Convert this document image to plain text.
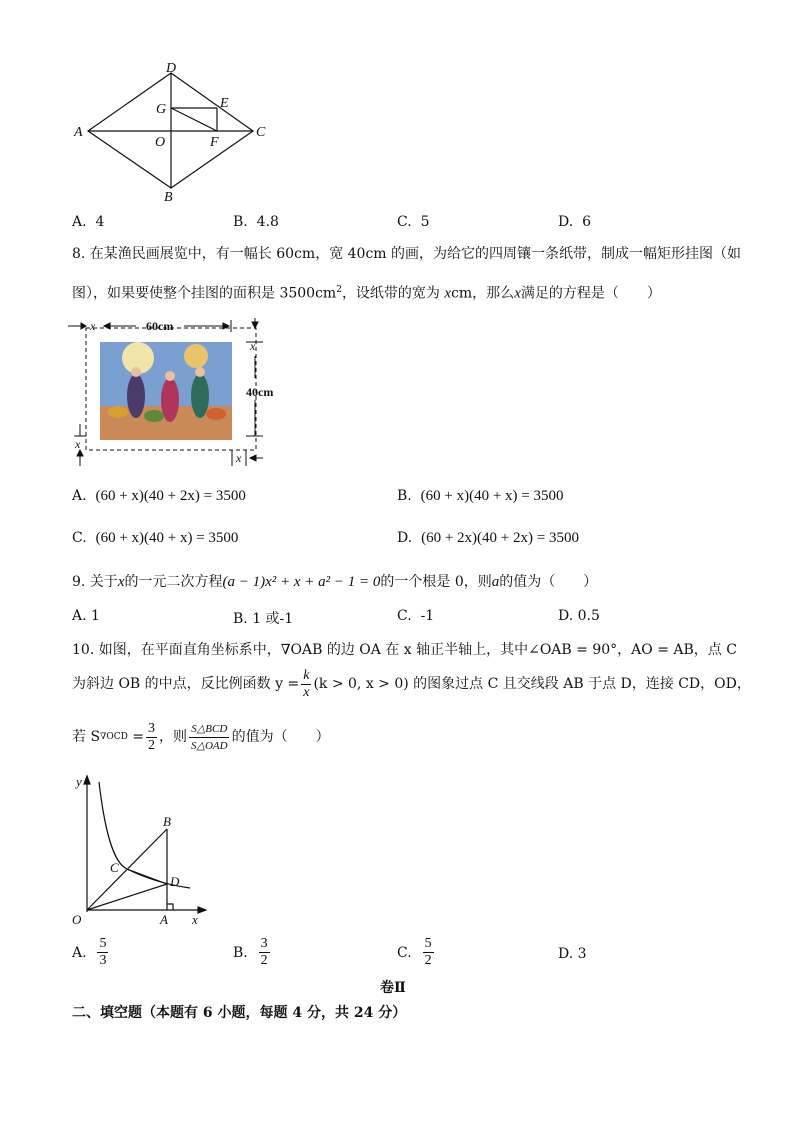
D
G	E
A
O	F
C
B
A. 4	B. 4.8	C. 5	D. 6
8. 在某渔民画展览中，有一幅长 60cm，宽 40cm 的画，为给它的四周镶一条纸带，制成一幅矩形挂图（如
图），如果要使整个挂图的面积是 $3500cm^2$，设纸带的宽为 xcm，那么x满足的方程是（　　）
x	60cm
x
40cm
x
x
A. (60 + x)(40 + 2x) = 3500	B. (60 + x)(40 + x) = 3500
C. (60 + x)(40 + x) = 3500	D. (60 + 2x)(40 + 2x) = 3500
9. 关于x的一元二次方程(a − 1)x² + x + a² − 1 = 0的一个根是 0，则a的值为（　　）
A. 1	B. 1 或-1	C. -1	D. 0.5
10. 如图，在平面直角坐标系中，∇OAB 的边 OA 在 x 轴正半轴上，其中∠OAB = 90°，AO = AB，点 C
为斜边 OB 的中点，反比例函数 $y = \frac{k}{x} (k > 0$, x > 0) 的图象过点 C 且交线段 AB 于点 D，连接 CD，OD，
若 S ∇OCD
= $\frac{3}{2}$ ，则 $\frac{\text{S△BCD}}{\text{S△OAD}}$ 的值为（　　）
y
B
C
D
O	A x
A.
$\frac{5}{3}$	B.
$\frac{3}{2}$	C.
$\frac{5}{2}$	D. 3
卷Ⅱ
二、填空题（本题有 6 小题，每题 4 分，共 24 分）
